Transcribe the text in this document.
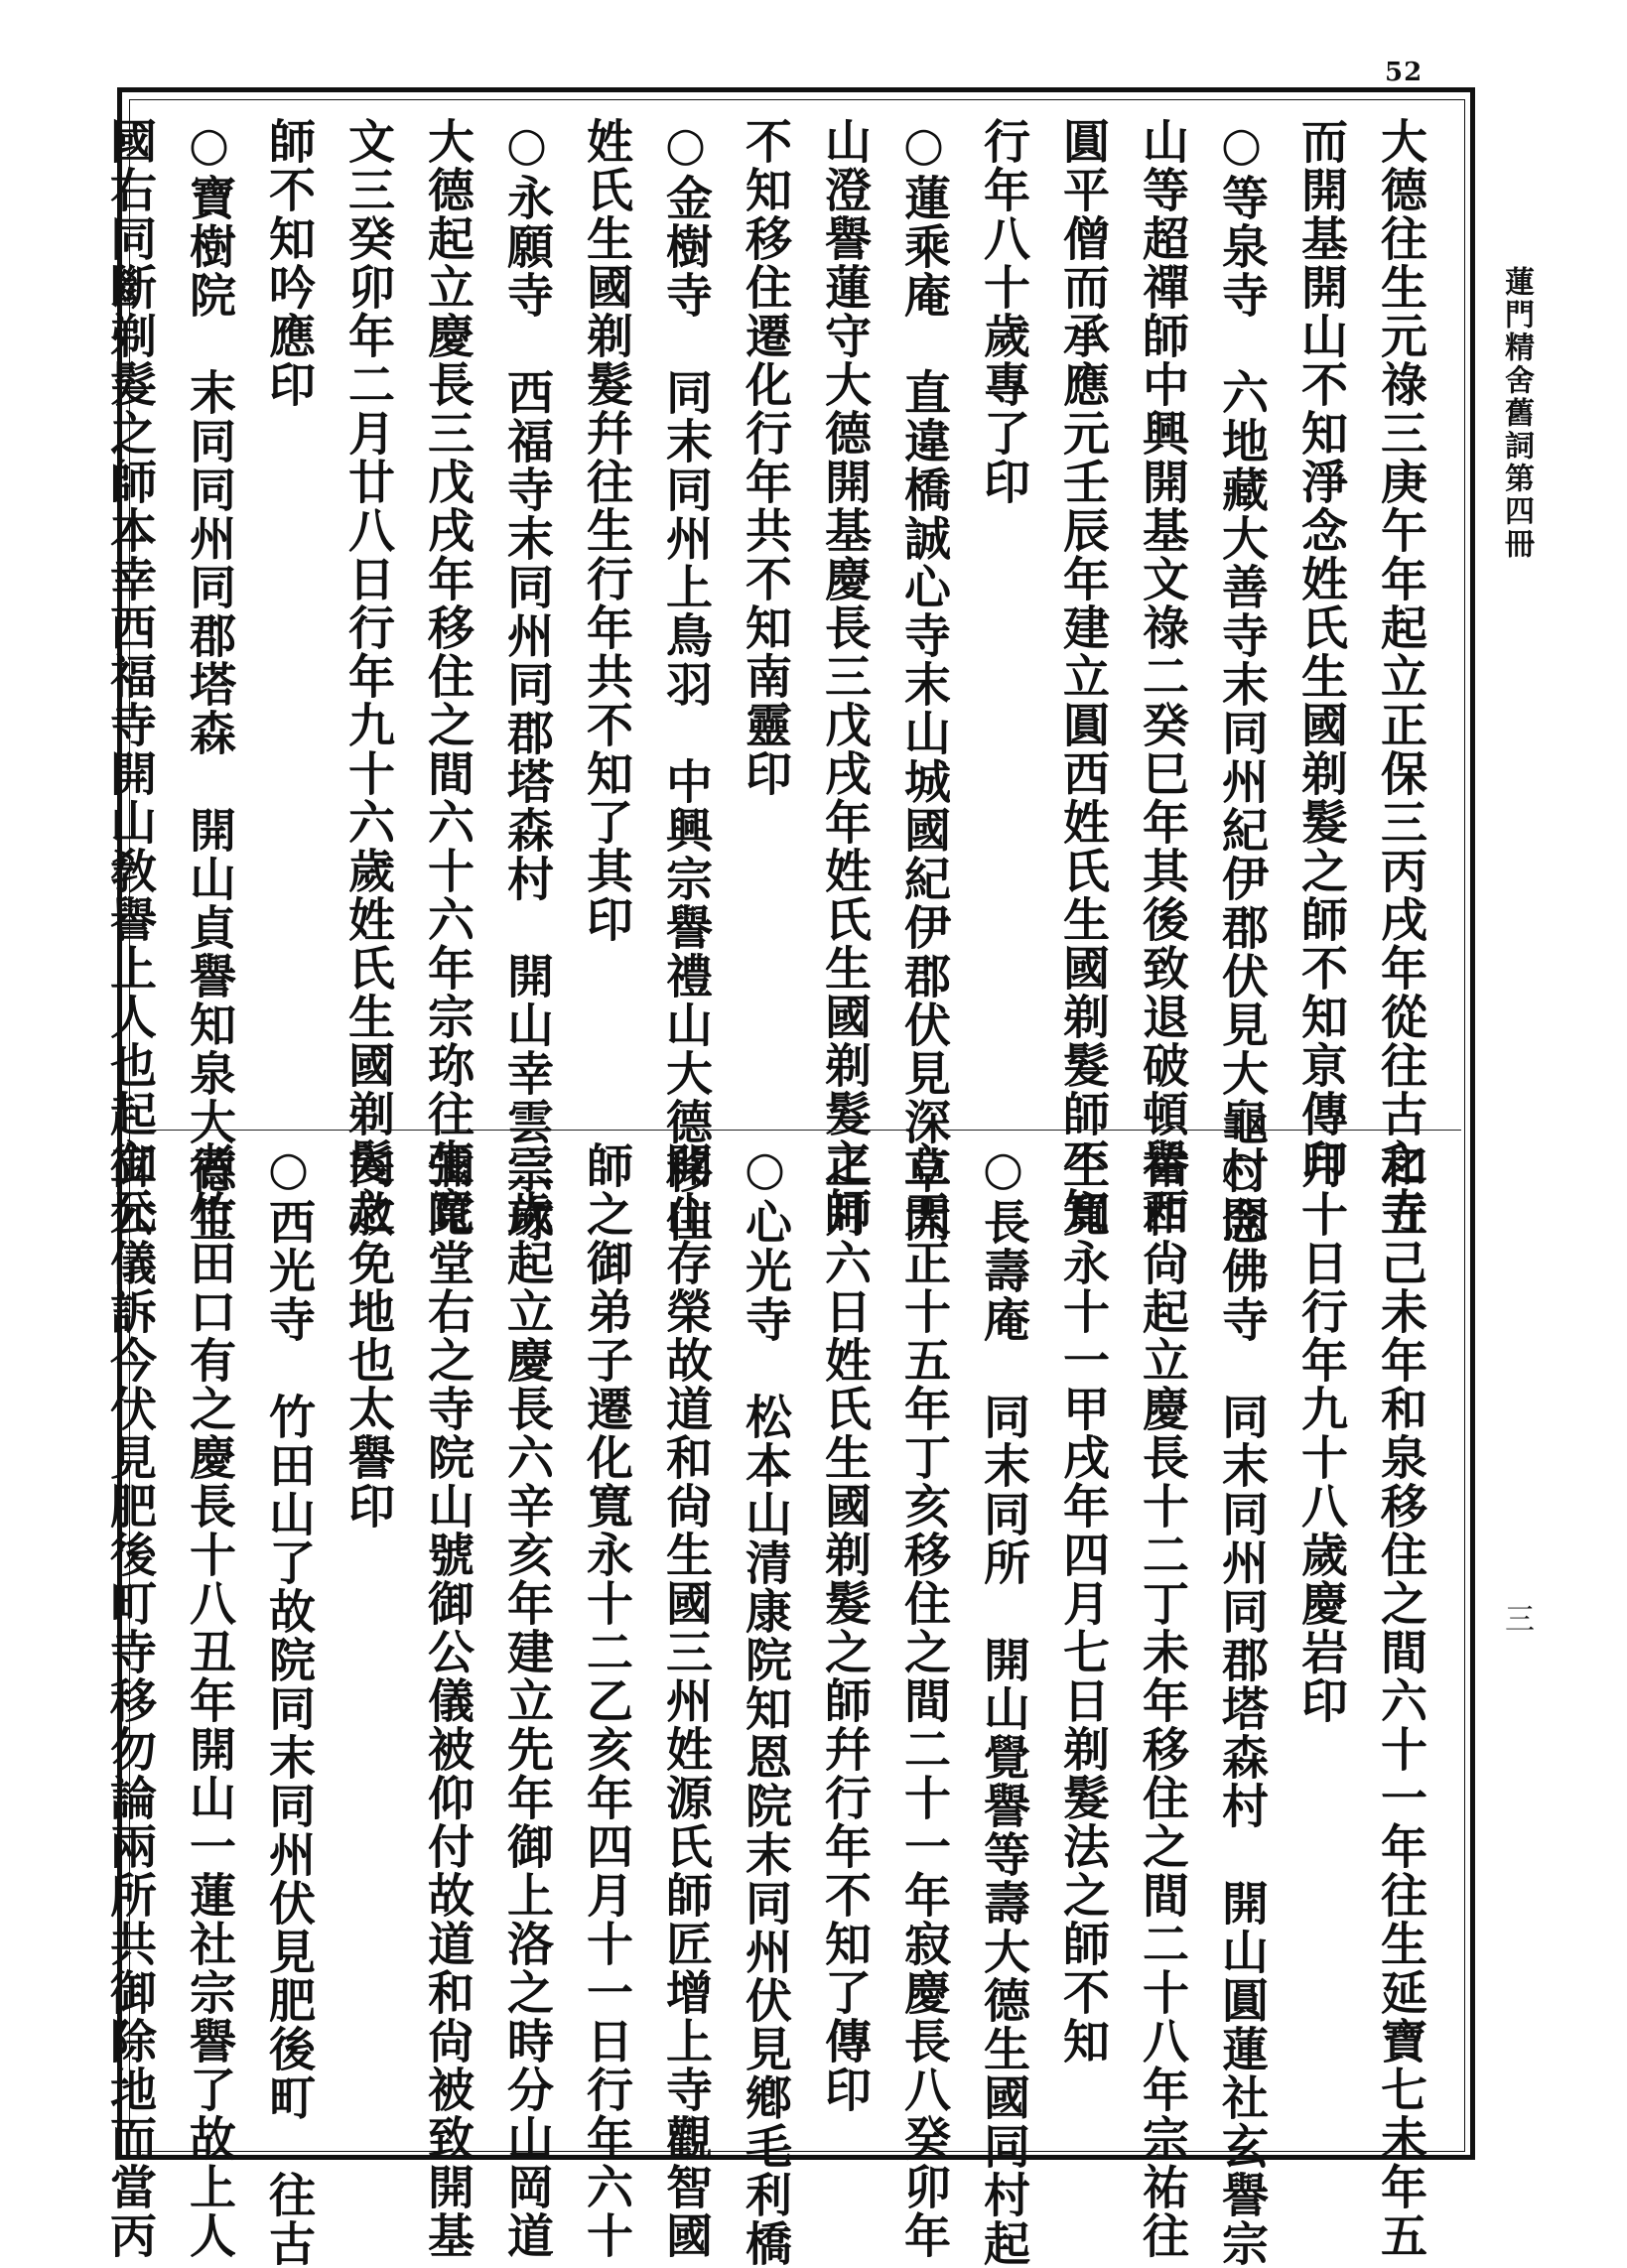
52
蓮門精舍舊詞第四冊
三
大德往生元祿三庚午年起立正保三丙戌年從往古之寺
而開基開山不知淨念姓氏生國剃髮之師不知亰傳印
○等泉寺　六地藏大善寺末同州紀伊郡伏見大龜村開
山等超禪師中興開基文祿二癸巳年其後致退破頓譽西
圓平僧而承應元壬辰年建立圓西姓氏生國剃髮師不知
行年八十歲專了印
○蓮乘庵　直違橋誠心寺末山城國紀伊郡伏見深草開
山澄譽蓮守大德開基慶長三戊戌年姓氏生國剃髮之師
不知移住遷化行年共不知南靈印
○金樹寺　同末同州上鳥羽　中興宗譽禮山大德移住
姓氏生國剃髮幷往生行年共不知了其印
○永願寺　西福寺末同州同郡塔森村　開山幸雲宗珎
大德起立慶長三戊戌年移住之間六十六年宗珎往生寬
文三癸卯年二月廿八日行年九十六歲姓氏生國剃髮之
師不知吟應印
○寶樹院　末同同州同郡塔森　開山貞譽知泉大德生
國右同斷剃髮之師本幸西福寺開山敎譽上人也起立元
和五己未年和泉移住之間六十一年往生延寶七未年五
月十日行年九十八歲慶岩印
○念佛寺　同末同州同郡塔森村　開山圓蓮社玄譽宗
祐和尙起立慶長十二丁未年移住之間二十八年宗祐往
生寬永十一甲戌年四月七日剃髮法之師不知
○長壽庵　同末同所　開山覺譽等壽大德生國同村起
立天正十五年丁亥移住之間二十一年寂慶長八癸卯年
正月六日姓氏生國剃髮之師幷行年不知了傳印
○心光寺　松本山清康院知恩院末同州伏見鄕毛利橋
開山存榮故道和尙生國三州姓源氏師匠增上寺觀智國
師之御弟子遷化寬永十二乙亥年四月十一日行年六十
三歲起立慶長六辛亥年建立先年御上洛之時分山岡道
彌陀堂右之寺院山號御公儀被仰付故道和尙被致開基
內赦免地也太譽印
○西光寺　竹田山了故院同末同州伏見肥後町　往古
者竹田口有之慶長十八丑年開山一蓮社宗譽了故上人
御公儀訴今伏見肥後町寺移勿論兩所共御除地而當丙
